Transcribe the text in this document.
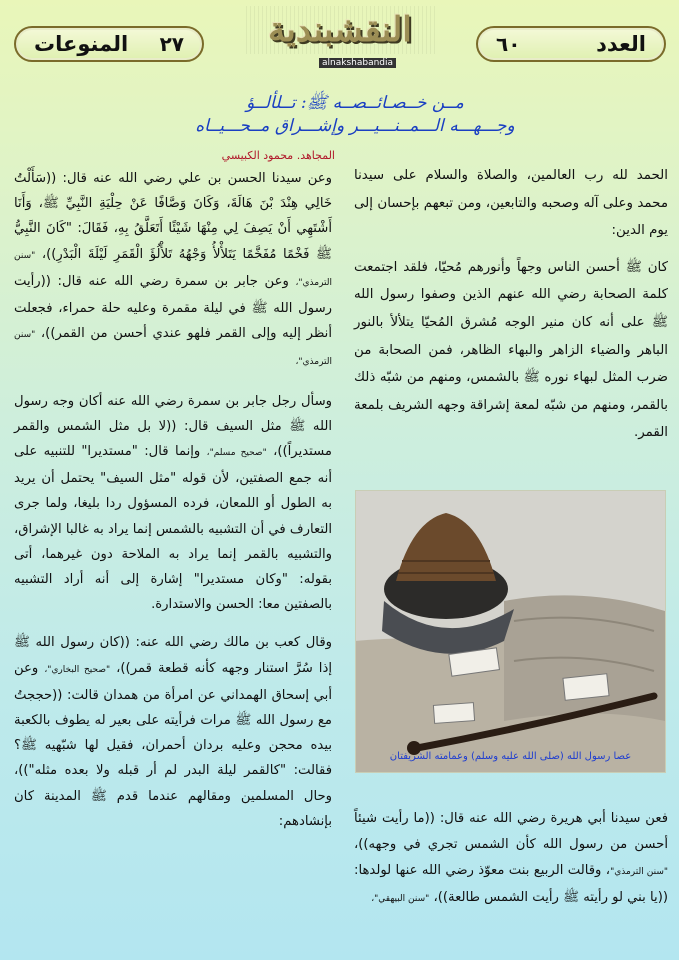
العدد
٦٠
النقشبندية
alnakshabandia
٢٧
المنوعات
مــن خــصـائــصــه ﷺ: تــلألــؤ
وجـــهـــه الـــمــنـــيـــر وإشـــراق مــحـــيــاه
المجاهد. محمود الكبيسي

الحمد لله رب العالمين، والصلاة والسلام على سيدنا محمد وعلى آله وصحبه والتابعين، ومن تبعهم بإحسان إلى يوم الدين:

كان ﷺ أحسن الناس وجهاً وأنورهم مُحيّا، فلقد اجتمعت كلمة الصحابة رضي الله عنهم الذين وصفوا رسول الله ﷺ على أنه كان منير الوجه مُشرق المُحيّا يتلألأ بالنور الباهر والضياء الزاهر والبهاء الظاهر، فمن الصحابة من ضرب المثل لبهاء نوره ﷺ بالشمس، ومنهم من شبّه ذلك بالقمر، ومنهم من شبّه لمعة إشراقة وجهه الشريف بلمعة القمر.

عصا رسول الله (صلى الله عليه وسلم) وعمامته الشريفتان

فعن سيدنا أبي هريرة رضي الله عنه قال: ((ما رأيت شيئاً أحسن من رسول الله كأن الشمس تجري في وجهه))، "سنن الترمذي"، وقالت الربيع بنت معوّذ رضي الله عنها لولدها: ((يا بني لو رأيته ﷺ رأيت الشمس طالعة))، "سنن البيهقي"،

وعن سيدنا الحسن بن علي رضي الله عنه قال: ((سَأَلْتُ خَالِي هِنْدَ بْنَ هَالَةَ، وَكَانَ وَصَّافًا عَنْ حِلْيَةِ النَّبِيِّ ﷺ، وَأَنَا أَشْتَهِي أَنْ يَصِفَ لِي مِنْهَا شَيْئًا أَتَعَلَّقُ بِهِ، فَقَالَ: "كَانَ النَّبِيُّ ﷺ فَخْمًا مُفَخَّمًا يَتَلأْلأُ وَجْهُهُ تَلأْلُؤَ الْقَمَرِ لَيْلَةَ الْبَدْرِ))، "سنن الترمذي"، وعن جابر بن سمرة رضي الله عنه قال: ((رأيت رسول الله ﷺ في ليلة مقمرة وعليه حلة حمراء، فجعلت أنظر إليه وإلى القمر فلهو عندي أحسن من القمر))، "سنن الترمذي"،

وسأل رجل جابر بن سمرة رضي الله عنه أكان وجه رسول الله ﷺ مثل السيف قال: ((لا بل مثل الشمس والقمر مستديراً))، "صحيح مسلم"، وإنما قال: "مستديرا" للتنبيه على أنه جمع الصفتين، لأن قوله "مثل السيف" يحتمل أن يريد به الطول أو اللمعان، فرده المسؤول ردا بليغا، ولما جرى التعارف في أن التشبيه بالشمس إنما يراد به غالبا الإشراق، والتشبيه بالقمر إنما يراد به الملاحة دون غيرهما، أتى بقوله: "وكان مستديرا" إشارة إلى أنه أراد التشبيه بالصفتين معا: الحسن والاستدارة.

وقال كعب بن مالك رضي الله عنه: ((كان رسول الله ﷺ إذا سُرَّ استنار وجهه كأنه قطعة قمر))، "صحيح البخاري"، وعن أبي إسحاق الهمداني عن امرأة من همدان قالت: ((حججتُ مع رسول الله ﷺ مرات فرأيته على بعير له يطوف بالكعبة بيده محجن وعليه بردان أحمران، فقيل لها شبّهيه ﷺ؟ فقالت: "كالقمر ليلة البدر لم أر قبله ولا بعده مثله"))، وحال المسلمين ومقالهم عندما قدم ﷺ المدينة كان بإنشادهم:
